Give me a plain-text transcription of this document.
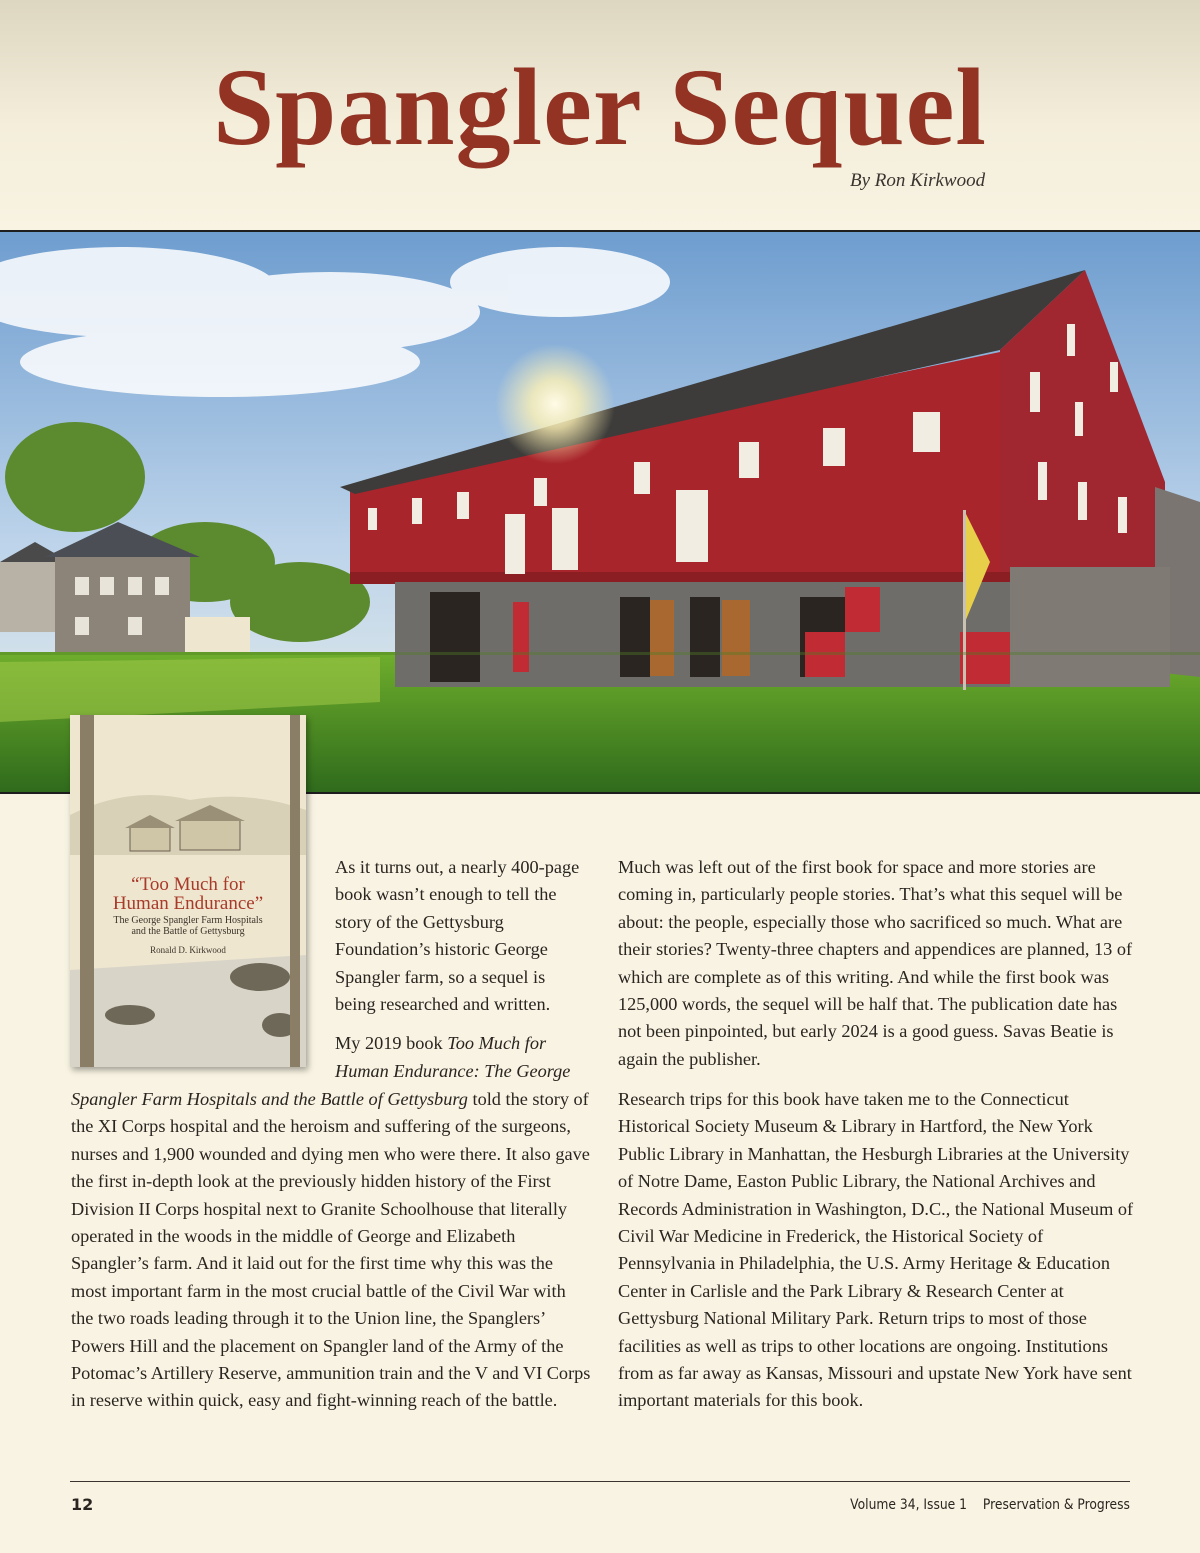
Spangler Sequel
By Ron Kirkwood
“Too Much for
Human Endurance”
The George Spangler Farm Hospitals
and the Battle of Gettysburg
Ronald D. Kirkwood

As it turns out, a nearly 400-page book wasn’t enough to tell the story of the Gettysburg Foundation’s historic George Spangler farm, so a sequel is being researched and written.

My 2019 book Too Much for Human Endurance: The George

Spangler Farm Hospitals and the Battle of Gettysburg told the story of the XI Corps hospital and the heroism and suffering of the surgeons, nurses and 1,900 wounded and dying men who were there. It also gave the first in-depth look at the previously hidden history of the First Division II Corps hospital next to Granite Schoolhouse that literally operated in the woods in the middle of George and Elizabeth Spangler’s farm. And it laid out for the first time why this was the most important farm in the most crucial battle of the Civil War with the two roads leading through it to the Union line, the Spanglers’ Powers Hill and the placement on Spangler land of the Army of the Potomac’s Artillery Reserve, ammunition train and the V and VI Corps in reserve within quick, easy and fight-winning reach of the battle.

Much was left out of the first book for space and more stories are coming in, particularly people stories. That’s what this sequel will be about: the people, especially those who sacrificed so much. What are their stories? Twenty-three chapters and appendices are planned, 13 of which are complete as of this writing. And while the first book was 125,000 words, the sequel will be half that. The publication date has not been pinpointed, but early 2024 is a good guess. Savas Beatie is again the publisher.

Research trips for this book have taken me to the Connecticut Historical Society Museum & Library in Hartford, the New York Public Library in Manhattan, the Hesburgh Libraries at the University of Notre Dame, Easton Public Library, the National Archives and Records Administration in Washington, D.C., the National Museum of Civil War Medicine in Frederick, the Historical Society of Pennsylvania in Philadelphia, the U.S. Army Heritage & Education Center in Carlisle and the Park Library & Research Center at Gettysburg National Military Park. Return trips to most of those facilities as well as trips to other locations are ongoing. Institutions from as far away as Kansas, Missouri and upstate New York have sent important materials for this book.

12	Volume 34, Issue 1 Preservation & Progress
